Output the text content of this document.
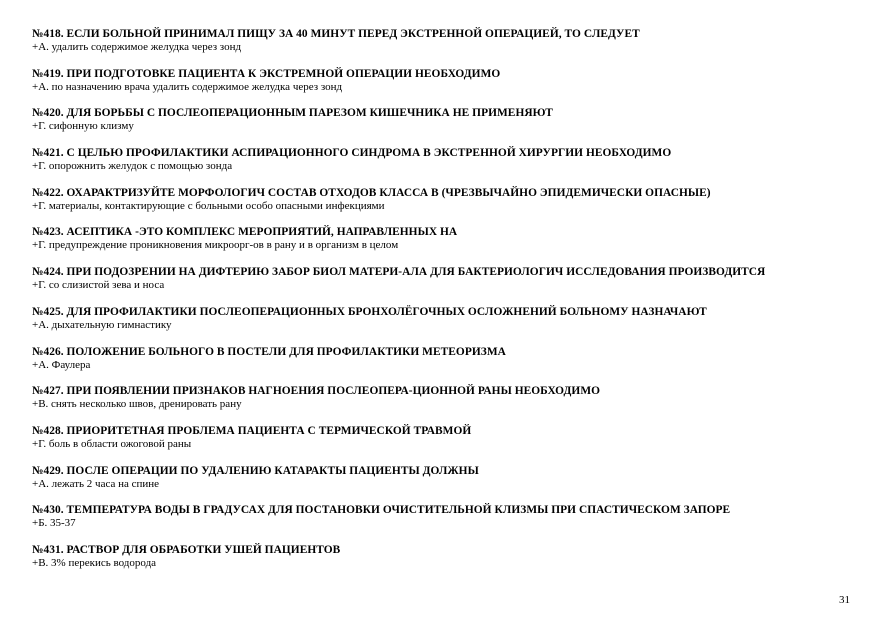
№418. ЕСЛИ БОЛЬНОЙ ПРИНИМАЛ ПИЩУ ЗА 40 МИНУТ ПЕРЕД ЭКСТРЕННОЙ ОПЕРАЦИЕЙ, ТО СЛЕДУЕТ
+А. удалить содержимое желудка через зонд
№419. ПРИ ПОДГОТОВКЕ ПАЦИЕНТА К ЭКСТРЕМНОЙ ОПЕРАЦИИ НЕОБХОДИМО
+А. по назначению врача удалить содержимое желудка через зонд
№420. ДЛЯ БОРЬБЫ С ПОСЛЕОПЕРАЦИОННЫМ ПАРЕЗОМ КИШЕЧНИКА НЕ ПРИМЕНЯЮТ
+Г. сифонную клизму
№421. С ЦЕЛЬЮ ПРОФИЛАКТИКИ АСПИРАЦИОННОГО СИНДРОМА В ЭКСТРЕННОЙ ХИРУРГИИ НЕОБХОДИМО
+Г. опорожнить желудок с помощью зонда
№422. ОХАРАКТРИЗУЙТЕ МОРФОЛОГИЧ СОСТАВ ОТХОДОВ КЛАССА В (ЧРЕЗВЫЧАЙНО ЭПИДЕМИЧЕСКИ ОПАСНЫЕ)
+Г. материалы, контактирующие с больными особо опасными инфекциями
№423. АСЕПТИКА -ЭТО КОМПЛЕКС МЕРОПРИЯТИЙ, НАПРАВЛЕННЫХ НА
+Г. предупреждение проникновения микроорг-ов в рану и в организм в целом
№424. ПРИ ПОДОЗРЕНИИ НА ДИФТЕРИЮ ЗАБОР БИОЛ МАТЕРИ-АЛА ДЛЯ БАКТЕРИОЛОГИЧ ИССЛЕДОВАНИЯ ПРОИЗВОДИТСЯ
+Г. со слизистой зева и носа
№425. ДЛЯ ПРОФИЛАКТИКИ ПОСЛЕОПЕРАЦИОННЫХ БРОНХОЛЁГОЧНЫХ ОСЛОЖНЕНИЙ БОЛЬНОМУ НАЗНАЧАЮТ
+А. дыхательную гимнастику
№426. ПОЛОЖЕНИЕ БОЛЬНОГО В ПОСТЕЛИ ДЛЯ ПРОФИЛАКТИКИ МЕТЕОРИЗМА
+А. Фаулера
№427. ПРИ ПОЯВЛЕНИИ ПРИЗНАКОВ НАГНОЕНИЯ ПОСЛЕОПЕРА-ЦИОННОЙ РАНЫ НЕОБХОДИМО
+В. снять несколько швов, дренировать рану
№428. ПРИОРИТЕТНАЯ ПРОБЛЕМА ПАЦИЕНТА С ТЕРМИЧЕСКОЙ ТРАВМОЙ
+Г. боль в области ожоговой раны
№429. ПОСЛЕ ОПЕРАЦИИ ПО УДАЛЕНИЮ КАТАРАКТЫ ПАЦИЕНТЫ ДОЛЖНЫ
+А. лежать 2 часа на спине
№430. ТЕМПЕРАТУРА ВОДЫ В ГРАДУСАХ ДЛЯ ПОСТАНОВКИ ОЧИСТИТЕЛЬНОЙ КЛИЗМЫ ПРИ СПАСТИЧЕСКОМ ЗАПОРЕ
+Б. 35-37
№431. РАСТВОР ДЛЯ ОБРАБОТКИ УШЕЙ ПАЦИЕНТОВ
+В. 3% перекись водорода
31
